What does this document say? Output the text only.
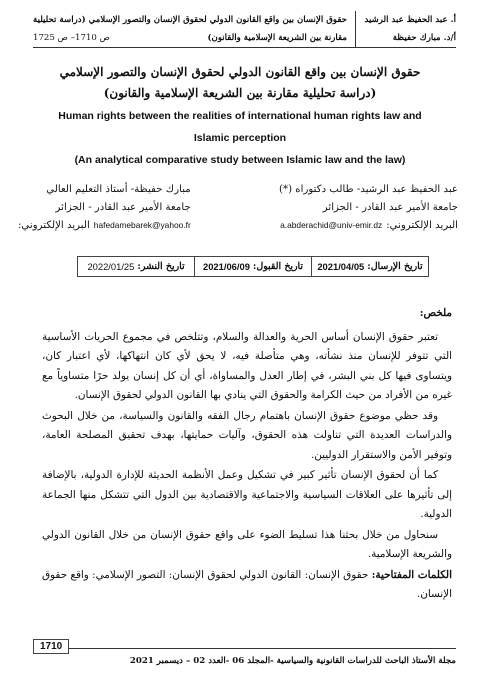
أ. عبد الحفيظ عبد الرشيد
أ/د. مبارك حفيظة
حقوق الإنسان بين واقع القانون الدولي لحقوق الإنسان والتصور الإسلامي (دراسة تحليلية
مقارنة بين الشريعة الإسلامية والقانون)
ص 1710– ص 1725
حقوق الإنسان بين واقع القانون الدولي لحقوق الإنسان والتصور الإسلامي
(دراسة تحليلية مقارنة بين الشريعة الإسلامية والقانون)
Human rights between the realities of international human rights law and
Islamic perception
(An analytical comparative study between Islamic law and the law)
عبد الحفيظ عبد الرشيد- طالب دكتوراه (*)
جامعة الأمير عبد القادر - الجزائر
البريد الإلكتروني:
a.abderachid@univ-emir.dz
مبارك حفيظة- أستاذ التعليم العالي
جامعة الأمير عبد القادر - الجزائر
البريد الإلكتروني: hafedamebarek@yahoo.fr
تاريخ الإرسال:
2021/04/05
تاريخ القبول:
2021/06/09
تاريخ النشر:
2022/01/25
ملخص:

تعتبر حقوق الإنسان أساس الحرية والعدالة والسلام، وتتلخص في مجموع الحريات الأساسية التي تتوفر للإنسان منذ نشأته، وهي متأصلة فيه، لا يحق لأي كان انتهاكها، لأي اعتبار كان، ويتساوى فيها كل بني البشر، في إطار العدل والمساواة، أي أن كل إنسان يولد حرًا متساوياً مع غيره من الأفراد من حيث الكرامة والحقوق التي ينادي بها القانون الدولي لحقوق الإنسان.

وقد حظي موضوع حقوق الإنسان باهتمام رجال الفقه والقانون والسياسة، من خلال البحوث والدراسات العديدة التي تناولت هذه الحقوق، وآليات حمايتها، بهدف تحقيق المصلحة العامة، وتوفير الأمن والاستقرار الدوليين.

كما أن لحقوق الإنسان تأثير كبير في تشكيل وعمل الأنظمة الحديثة للإدارة الدولية، بالإضافة إلى تأثيرها على العلاقات السياسية والاجتماعية والاقتصادية بين الدول التي تتشكل منها الجماعة الدولية.

سنحاول من خلال بحثنا هذا تسليط الضوء على واقع حقوق الإنسان من خلال القانون الدولي والشريعة الإسلامية.

الكلمات المفتاحية: حقوق الإنسان: القانون الدولي لحقوق الإنسان: التصور الإسلامي: واقع حقوق الإنسان.

مجلة الأستاذ الباحث للدراسات القانونية والسياسية -المجلد 06 -العدد 02 – ديسمبر 2021
1710
